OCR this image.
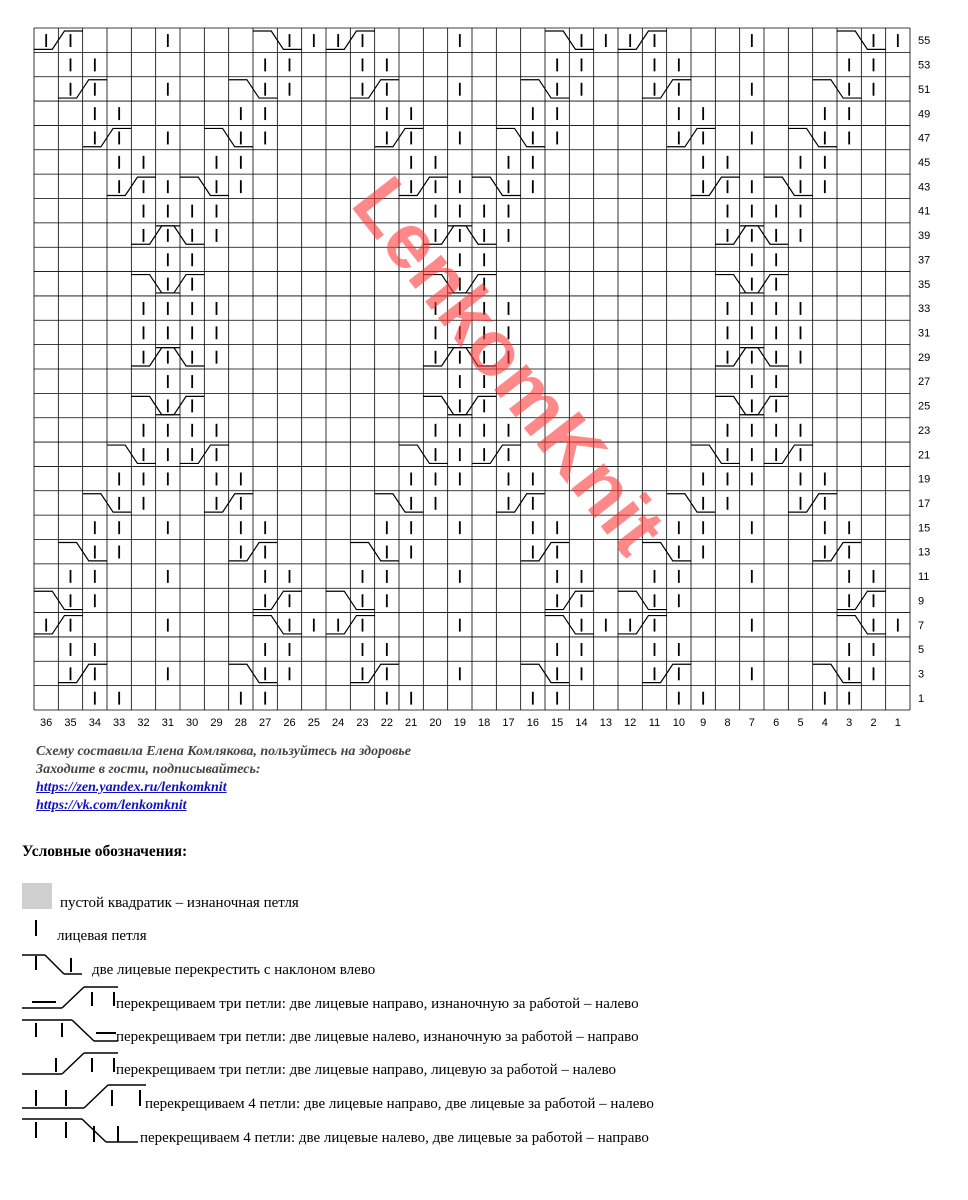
36 35 34 33 32 31 30 29 28 27 26 25 24 23 22 21 20 19 18 17 16 15 14 13 12 11 10 9 8 7 6 5 4 3 2 1
55
53
51
49
47
45
43
41
39
37
35
33
31
29
27
25
23
21
19
17
15
13
11
9
7
5
3
1
LenkomKnit
Схему составила Елена Комлякова, пользуйтесь на здоровье
Заходите в гости, подписывайтесь:
https://zen.yandex.ru/lenkomknit
https://vk.com/lenkomknit
Условные обозначения:
пустой квадратик – изнаночная петля
лицевая петля
две лицевые перекрестить с наклоном влево
перекрещиваем три петли: две лицевые направо, изнаночную за работой – налево
перекрещиваем три петли: две лицевые налево, изнаночную за работой – направо
перекрещиваем три петли: две лицевые направо, лицевую за работой – налево
перекрещиваем 4 петли: две лицевые направо, две лицевые за работой – налево
перекрещиваем 4 петли: две лицевые налево, две лицевые за работой – направо
